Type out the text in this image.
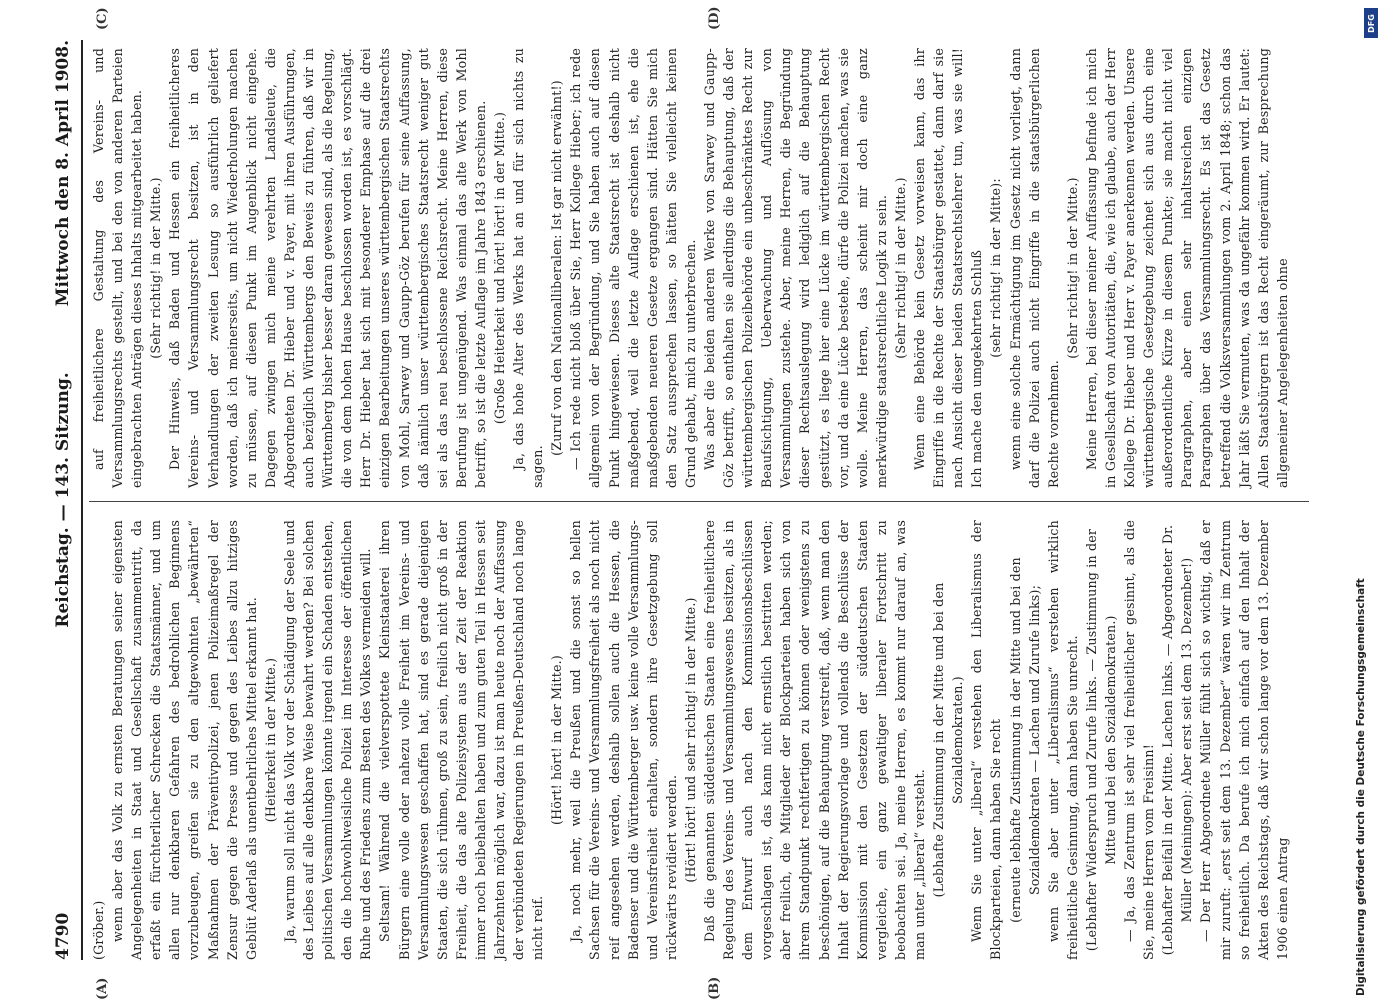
4790
Reichstag. — 143. Sitzung.
Mittwoch den 8. April 1908.

(Gröber.) wenn aber das Volk zu ernsten Beratungen seiner eigensten Angelegenheiten in Staat und Gesellschaft zusammentritt, da erfaßt ein fürchterlicher Schrecken die Staatsmänner, und um allen nur denkbaren Gefahren des bedrohlichen Beginnens vorzubeugen, greifen sie zu den altgewohnten „bewährten“ Maßnahmen der Präventivpolizei, jenen Polizeimaßregel der Zensur gegen die Presse und gegen des Leibes allzu hitziges Geblüt Aderlaß als unentbehrliches Mittel erkannt hat. (Heiterkeit in der Mitte.) Ja, warum soll nicht das Volk vor der Schädigung der Seele und des Leibes auf alle denkbare Weise bewahrt werden? Bei solchen politischen Versammlungen könnte irgend ein Schaden entstehen, den die hochwohlweisliche Polizei im Interesse der öffentlichen Ruhe und des Friedens zum Besten des Volkes vermeiden will. Seltsam! Während die vielverspottete Kleinstaaterei ihren Bürgern eine volle oder nahezu volle Freiheit im Vereins- und Versammlungswesen geschaffen hat, sind es gerade diejenigen Staaten, die sich rühmen, groß zu sein, freilich nicht groß in der Freiheit, die das alte Polizeisystem aus der Zeit der Reaktion immer noch beibehalten haben und zum guten Teil in Hessen seit Jahrzehnten möglich war, dazu ist man heute noch der Auffassung der verbündeten Regierungen in Preußen-Deutschland noch lange nicht reif.

(Hört! hört! in der Mitte.) Ja, noch mehr, weil die Preußen und die sonst so hellen Sachsen für die Vereins- und Versammlungsfreiheit als noch nicht reif angesehen werden, deshalb sollen auch die Hessen, die Badenser und die Württemberger usw. keine volle Versammlungs- und Vereinsfreiheit erhalten, sondern ihre Gesetzgebung soll rückwärts revidiert werden. (Hört! hört! und sehr richtig! in der Mitte.) Daß die genannten süddeutschen Staaten eine freiheitlichere Regelung des Vereins- und Versammlungswesens besitzen, als in dem Entwurf auch nach den Kommissionsbeschlüssen vorgeschlagen ist, das kann nicht ernstlich bestritten werden; aber freilich, die Mitglieder der Blockparteien haben sich von ihrem Standpunkt rechtfertigen zu können oder wenigstens zu beschönigen, auf die Behauptung verstreift, daß, wenn man den Inhalt der Regierungsvorlage und vollends die Beschlüsse der Kommission mit den Gesetzen der süddeutschen Staaten vergleiche, ein ganz gewaltiger liberaler Fortschritt zu beobachten sei. Ja, meine Herren, es kommt nur darauf an, was man unter „liberal“ versteht. (Lebhafte Zustimmung in der Mitte und bei den Sozialdemokraten.) Wenn Sie unter „liberal“ verstehen den Liberalismus der Blockparteien, dann haben Sie recht (erneute lebhafte Zustimmung in der Mitte und bei den Sozialdemokraten — Lachen und Zurufe links); wenn Sie aber unter „Liberalismus“ verstehen wirklich freiheitliche Gesinnung, dann haben Sie unrecht. (Lebhafter Widerspruch und Zurufe links. — Zustimmung in der Mitte und bei den Sozialdemokraten.) — Ja, das Zentrum ist sehr viel freiheitlicher gesinnt, als die Sie, meine Herren vom Freisinn! (Lebhafter Beifall in der Mitte. Lachen links. — Abgeordneter Dr. Müller (Meiningen): Aber erst seit dem 13. Dezember!) — Der Herr Abgeordnete Müller fühlt sich so wichtig, daß er mir zuruft: „erst seit dem 13. Dezember“ wären wir im Zentrum so freiheitlich. Da berufe ich mich einfach auf den Inhalt der Akten des Reichstags, daß wir schon lange vor dem 13. Dezember 1906 einen Antrag

auf freiheitlichere Gestaltung des Vereins- und Versammlungsrechts gestellt, und bei den von anderen Parteien eingebrachten Anträgen dieses Inhalts mitgearbeitet haben. (Sehr richtig! in der Mitte.) Der Hinweis, daß Baden und Hessen ein freiheitlicheres Vereins- und Versammlungsrecht besitzen, ist in den Verhandlungen der zweiten Lesung so ausführlich geliefert worden, daß ich meinerseits, um nicht Wiederholungen machen zu müssen, auf diesen Punkt im Augenblick nicht eingehe. Dagegen zwingen mich meine verehrten Landsleute, die Abgeordneten Dr. Hieber und v. Payer, mit ihren Ausführungen, auch bezüglich Württembergs den Beweis zu führen, daß wir in Württemberg bisher besser daran gewesen sind, als die Regelung, die von dem hohen Hause beschlossen worden ist, es vorschlägt. Herr Dr. Hieber hat sich mit besonderer Emphase auf die drei einzigen Bearbeitungen unseres württembergischen Staatsrechts von Mohl, Sarwey und Gaupp-Göz berufen für seine Auffassung, daß nämlich unser württembergisches Staatsrecht weniger gut sei als das neu beschlossene Reichsrecht. Meine Herren, diese Berufung ist ungenügend. Was einmal das alte Werk von Mohl betrifft, so ist die letzte Auflage im Jahre 1843 erschienen. (Große Heiterkeit und hört! hört! in der Mitte.) Ja, das hohe Alter des Werks hat an und für sich nichts zu sagen.

(Zuruf von den Nationalliberalen: Ist gar nicht erwähnt!) — Ich rede nicht bloß über Sie, Herr Kollege Hieber; ich rede allgemein von der Begründung, und Sie haben auch auf diesen Punkt hingewiesen. Dieses alte Staatsrecht ist deshalb nicht maßgebend, weil die letzte Auflage erschienen ist, ehe die maßgebenden neueren Gesetze ergangen sind. Hätten Sie mich den Satz aussprechen lassen, so hätten Sie vielleicht keinen Grund gehabt, mich zu unterbrechen. Was aber die beiden anderen Werke von Sarwey und Gaupp-Göz betrifft, so enthalten sie allerdings die Behauptung, daß der württembergischen Polizeibehörde ein unbeschränktes Recht zur Beaufsichtigung, Ueberwachung und Auflösung von Versammlungen zustehe. Aber, meine Herren, die Begründung dieser Rechtsauslegung wird lediglich auf die Behauptung gestützt, es liege hier eine Lücke im württembergischen Recht vor, und da eine Lücke bestehe, dürfe die Polizei machen, was sie wolle. Meine Herren, das scheint mir doch eine ganz merkwürdige staatsrechtliche Logik zu sein. (Sehr richtig! in der Mitte.) Wenn eine Behörde kein Gesetz vorweisen kann, das ihr Eingriffe in die Rechte der Staatsbürger gestattet, dann darf sie nach Ansicht dieser beiden Staatsrechtslehrer tun, was sie will! Ich mache den umgekehrten Schluß (sehr richtig! in der Mitte): wenn eine solche Ermächtigung im Gesetz nicht vorliegt, dann darf die Polizei auch nicht Eingriffe in die staatsbürgerlichen Rechte vornehmen.

(Sehr richtig! in der Mitte.) Meine Herren, bei dieser meiner Auffassung befinde ich mich in Gesellschaft von Autoritäten, die, wie ich glaube, auch der Herr Kollege Dr. Hieber und Herr v. Payer anerkennen werden. Unsere württembergische Gesetzgebung zeichnet sich aus durch eine außerordentliche Kürze in diesem Punkte; sie macht nicht viel Paragraphen, aber einen sehr inhaltsreichen einzigen Paragraphen über das Versammlungsrecht. Es ist das Gesetz betreffend die Volksversammlungen vom 2. April 1848; schon das Jahr läßt Sie vermuten, was da ungefähr kommen wird. Er lautet: Allen Staatsbürgern ist das Recht eingeräumt, zur Besprechung allgemeiner Angelegenheiten ohne

(A)	(B)
(C)	(D)
Digitalisierung gefördert durch die Deutsche Forschungsgemeinschaft
DFG
